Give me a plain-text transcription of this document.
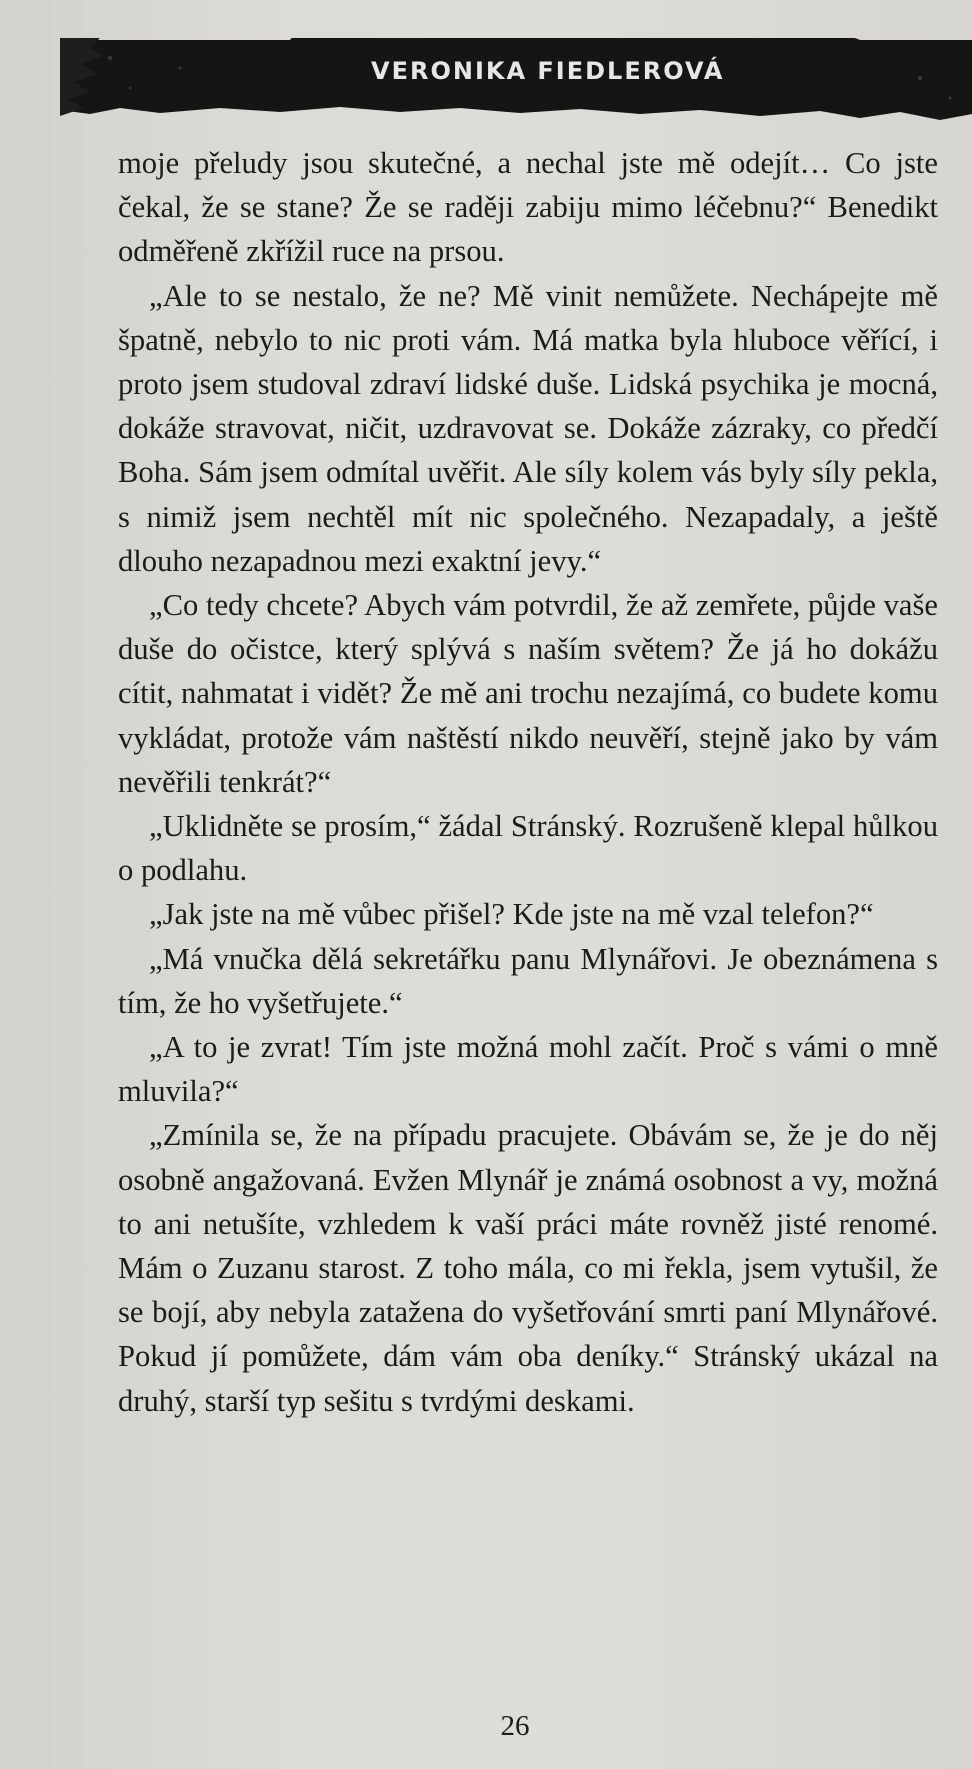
VERONIKA FIEDLEROVÁ

moje přeludy jsou skutečné, a nechal jste mě odejít… Co jste čekal, že se stane? Že se raději zabiju mimo léčebnu?“ Benedikt odměřeně zkřížil ruce na prsou.

„Ale to se nestalo, že ne? Mě vinit nemůžete. Nechápejte mě špatně, nebylo to nic proti vám. Má matka byla hluboce věřící, i proto jsem studoval zdraví lidské duše. Lidská psychika je mocná, dokáže stravovat, ničit, uzdravovat se. Dokáže zázraky, co předčí Boha. Sám jsem odmítal uvěřit. Ale síly kolem vás byly síly pekla, s nimiž jsem nechtěl mít nic společného. Nezapadaly, a ještě dlouho nezapadnou mezi exaktní jevy.“

„Co tedy chcete? Abych vám potvrdil, že až zemřete, půjde vaše duše do očistce, který splývá s naším světem? Že já ho dokážu cítit, nahmatat i vidět? Že mě ani trochu nezajímá, co budete komu vykládat, protože vám naštěstí nikdo neuvěří, stejně jako by vám nevěřili tenkrát?“

„Uklidněte se prosím,“ žádal Stránský. Rozrušeně klepal hůlkou o podlahu.

„Jak jste na mě vůbec přišel? Kde jste na mě vzal telefon?“

„Má vnučka dělá sekretářku panu Mlynářovi. Je obeznámena s tím, že ho vyšetřujete.“

„A to je zvrat! Tím jste možná mohl začít. Proč s vámi o mně mluvila?“

„Zmínila se, že na případu pracujete. Obávám se, že je do něj osobně angažovaná. Evžen Mlynář je známá osobnost a vy, možná to ani netušíte, vzhledem k vaší práci máte rovněž jisté renomé. Mám o Zuzanu starost. Z toho mála, co mi řekla, jsem vytušil, že se bojí, aby nebyla zatažena do vyšetřování smrti paní Mlynářové. Pokud jí pomůžete, dám vám oba deníky.“ Stránský ukázal na druhý, starší typ sešitu s tvrdými deskami.

26
